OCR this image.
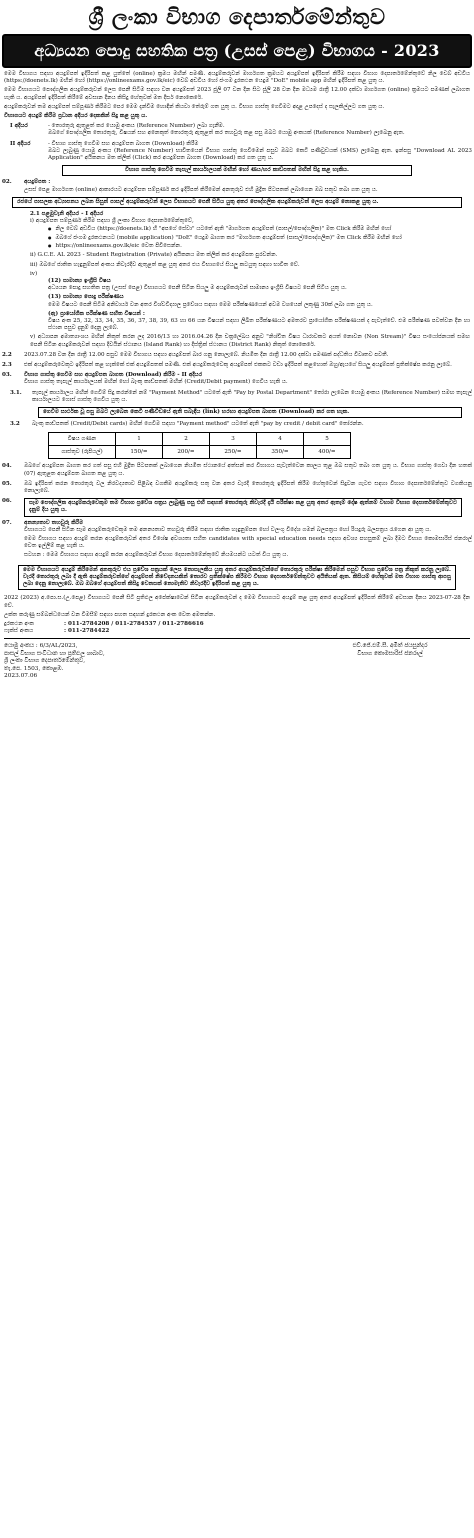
ශ්‍රී ලංකා විභාග දෙපාර්තමේන්තුව
අධ්‍යයන පොදු සහතික පත්‍ර (උසස් පෙළ) විභාගය - 2023
මෙම විභාගය සඳහා අයදුම්පත් ඉදිරිපත් කළ යුත්තේ (online) ක්‍රමය මඟින් පමණි. අයදුම්කරුවන් මාර්ගගත ක්‍රමයට අයදුම්පත් ඉදිරිපත් කිරීම සඳහා විභාග දෙපාර්තමේන්තුවේ නිල වෙබ් අඩවිය (https://doenets.lk) මඟින් හෝ (https://onlineexams.gov.lk/eic) වෙබ් අඩවිය හෝ ජංගම දුරකථන යෙදුම "DoE" mobile app මඟින් ඉදිරිපත් කළ යුතු ය.
මෙම විභාගයට පෞද්ගලික අයදුම්කරුවන් ලෙස පෙනී සිටීම සඳහා වන අයදුම්පත් 2023 ජූලි 07 වන දින සිට ජූලි 28 වන දින මධ්‍යම රාත්‍රී 12.00 දක්වා මාර්ගගත (online) ක්‍රමයට පමණක් ලබාගත හැකි ය. අයදුම්පත් ඉදිරිපත් කිරීමේ අවසාන දිනය කිසිදු හේතුවක් මත දීර්ඝ නොකෙරේ.
අයදුම්කරුවන් තම අයදුම්පත් සම්පූර්ණ කිරීමට පෙර මෙම දැන්වීම හොඳින් කියවා තේරුම් ගත යුතු ය. විභාග ගාස්තු ගෙවීමට අදාළ උපදෙස් ද සැලකිල්ලට ගත යුතු ය.
විභාගයට අයදුම් කිරීම ප්‍රධාන අදියර දෙකකින් සිදු කළ යුතු ය.
I අදියර	- තොරතුරු ඇතුළත් කර යොමු අංකය (Reference Number) ලබා ගැනීම.
ඔබගේ පෞද්ගලික තොරතුරු, විෂයන් සහ අනෙකුත් තොරතුරු ඇතුළත් කර තහවුරු කළ පසු ඔබට යොමු අංකයක් (Reference Number) ලැබෙනු ඇත.
II අදියර	- විභාග ගාස්තු ගෙවීම සහ අයදුම්පත බාගත (Download) කිරීම
ඔබට ලැබුණු යොමු අංකය (Reference Number) භාවිතයෙන් විභාග ගාස්තු ගෙවීමෙන් පසුව ඔබට කෙටි පණිවුඩයක් (SMS) ලැබෙනු ඇත. ඉන්පසු "Download AL 2023 Application" අයිකනය මත ක්ලික් (Click) කර අයදුම්පත බාගත (Download) කර ගත යුතු ය.
විභාග ගාස්තු ගෙවීම තැපැල් කාර්යාලයක් මඟින් හෝ ණය/හර කාඩ්පතක් මඟින් සිදු කළ හැකිය.
02.	අයදුම්පත :
උසස් පෙළ මාර්ගගත (online) ආකාරයට අයදුම්පත සම්පූර්ණ කර ඉදිරිපත් කිරීමෙන් අනතුරුව එහි මුද්‍රිත පිටපතක් ලබාගෙන ඔබ සතුව තබා ගත යුතු ය.
රජයේ පාසලක අධ්‍යාපනය ලබන සිසුන් පාසල් අයදුම්කරුවන් ලෙස විභාගයට පෙනී සිටිය යුතු අතර පෞද්ගලික අයදුම්කරුවන් ලෙස අයදුම් නොකළ යුතු ය.
2.1 පළමුවැනි අදියර - I අදියර
i) අයදුම්පත සම්පූර්ණ කිරීම සඳහා ශ්‍රී ලංකා විභාග දෙපාර්තමේන්තුවේ,
● නිල වෙබ් අඩවිය (https://doenets.lk) හි "අපගේ සේවා" යටතේ ඇති "මාර්ගගත අයදුම්පත් (පාසල්/පෞද්ගලික)" මත Click කිරීම මඟින් හෝ
● ඔබගේ ජංගම දුරකථනයට (mobile application) "DoE" යෙදුම බාගත කර "මාර්ගගත අයදුම්පත් (පාසල්/පෞද්ගලික)" මත Click කිරීම මඟින් හෝ
● https://onlineexams.gov.lk/eic වෙත පිවිසෙන්න.
ii) G.C.E. AL 2023 - Student Registration (Private) අයිකනය මත ක්ලික් කර අයදුම්පත පුරවන්න.
iii) ඔබගේ ජාතික හැඳුනුම්පත් අංකය නිවැරදිව ඇතුළත් කළ යුතු අතර එය විභාගයේ සියලු කටයුතු සඳහා භාවිත වේ.
iv)
(12) සාමාන්‍ය ඉංග්‍රීසි විෂය
අධ්‍යයන පොදු සහතික පත්‍ර (උසස් පෙළ) විභාගයට පෙනී සිටින සියලු ම අයදුම්කරුවන් සාමාන්‍ය ඉංග්‍රීසි විෂයට පෙනී සිටිය යුතු ය.
(13) සාමාන්‍ය පොදු පරීක්ෂණය
මෙම විෂයට පෙනී සිටීම අනිවාර්ය වන අතර විශ්වවිද්‍යාල ප්‍රවේශය සඳහා මෙම පරීක්ෂණයෙන් අවම වශයෙන් ලකුණු 30ක් ලබා ගත යුතු ය.
(ඇ) ප්‍රායෝගික පරීක්ෂණ සහිත විෂයන් :
විෂය අංක 25, 32, 33, 34, 35, 36, 37, 38, 39, 63 හා 66 යන විෂයන් සඳහා ලිඛිත පරීක්ෂණයට අමතරව ප්‍රායෝගික පරීක්ෂණයක් ද පැවැත්වේ. එම පරීක්ෂණ පවත්වන දින හා ස්ථාන පසුව දැනුම් දෙනු ලැබේ.
v) අධ්‍යාපන අමාත්‍යාංශය මඟින් නිකුත් කරන ලද 2016/13 හා 2016.04.26 දින චක්‍රලේඛය අනුව "නිශ්චිත විෂය ධාරාවකට අයත් නොවන (Non Stream)" විෂය සංයෝජනයක් සමඟ පෙනී සිටින අයදුම්කරුවන් සඳහා දිවයින් ස්ථානය (Island Rank) හා දිස්ත්‍රික් ස්ථානය (District Rank) නිකුත් නොකෙරේ.
2.2	2023.07.28 වන දින රාත්‍රී 12.00 පසුව මෙම විභාගය සඳහා අයදුම්පත් බාර ගනු නොලැබේ. නියමිත දින රාත්‍රී 12.00 දක්වා පමණක් පද්ධතිය විවෘතව පවතී.
2.3	එක් අයදුම්කරුවෙකුට ඉදිරිපත් කළ හැක්කේ එක් අයදුම්පතක් පමණි. එක් අයදුම්කරුවෙකු අයදුම්පත් එකකට වඩා ඉදිරිපත් කළහොත් ඔහු/ඇයගේ සියලු අයදුම්පත් ප්‍රතික්ෂේප කරනු ලැබේ.
03.	විභාග ගාස්තු ගෙවීම සහ අයදුම්පත බාගත (Download) කිරීම - II අදියර
විභාග ගාස්තු තැපැල් කාර්යාලයක් මඟින් හෝ බැංකු කාඩ්පතක් මඟින් (Credit/Debit payment) ගෙවිය හැකි ය.
3.1.	තැපැල් කාර්යාලය මඟින් ගෙවීම් සිදු කරන්නේ නම් "Payment Method" යටතේ ඇති "Pay by Postal Department" තෝරා ලැබෙන යොමු අංකය (Reference Number) සමඟ තැපැල් කාර්යාලයට ගොස් ගාස්තු ගෙවිය යුතු ය.
ගෙවීම සාර්ථක වූ පසු ඔබට ලැබෙන කෙටි පණිවිඩයේ ඇති සබැඳිය (link) හරහා අයදුම්පත බාගත (Download) කර ගත හැක.
3.2	බැංකු කාඩ්පතක් (Credit/Debit cards) මඟින් ගෙවීම සඳහා "Payment method" යටතේ ඇති "pay by credit / debit card" තෝරන්න.
විෂය ගණන	1	2	3	4	5
ගාස්තුව (රුපියල්)	150/=	200/=	250/=	350/=	400/=
04.	ඔබගේ අයදුම්පත බාගත කර ගත් පසු එහි මුද්‍රිත පිටපතක් ලබාගෙන නියමිත ස්ථානයේ අත්සන් කර විභාගය පැවැත්වෙන කාලය තුළ ඔබ සතුව තබා ගත යුතු ය. විභාග ගාස්තු ගෙවා දින හතක් (07) ඇතුළත අයදුම්පත බාගත කළ යුතු ය.
05.	ඔබ ඉදිරිපත් කරන තොරතුරු වල නිරවද්‍යතාව පිළිබඳ වගකීම අයදුම්කරු සතු වන අතර වැරදි තොරතුරු ඉදිරිපත් කිරීම හේතුවෙන් සිදුවන ගැටළු සඳහා විභාග දෙපාර්තමේන්තුව වගකියනු නොලැබේ.
06.	සෑම පෞද්ගලික අයදුම්කරුවෙකුම තම විභාග ප්‍රවේශ පත්‍රය ලැබුණු පසු එහි සඳහන් තොරතුරු නිවැරදි දැයි පරීක්ෂා කළ යුතු අතර ඇතැම් දෝෂ ඇත්නම් වහාම විභාග දෙපාර්තමේන්තුවට දැනුම් දිය යුතු ය.
07.	අනන්‍යතාව තහවුරු කිරීම
විභාගයට පෙනී සිටින සෑම අයදුම්කරුවෙකුම තම අනන්‍යතාව තහවුරු කිරීම සඳහා ජාතික හැඳුනුම්පත හෝ වලංගු විදේශ ගමන් බලපත්‍රය හෝ රියදුරු බලපත්‍රය රැගෙන ආ යුතු ය.
මෙම විභාගය සඳහා අයදුම් කරන අයදුම්කරුවන් අතර විශේෂ අවශ්‍යතා සහිත candidates with special education needs සඳහා අවශ්‍ය පහසුකම් ලබා දීමට විභාග කොමසාරිස් ජනරාල් වෙත ඉල්ලීම් කළ හැකි ය.
සටහන : මෙම විභාගය සඳහා අයදුම් කරන අයදුම්කරුවන් විභාග දෙපාර්තමේන්තුවේ නියමයන්ට යටත් විය යුතු ය.
මෙම විභාගයට අයදුම් කිරීමෙන් අනතුරුව එය ප්‍රවේශ පත්‍රයක් ලෙස නොසැලකිය යුතු අතර අයදුම්කරුවන්ගේ තොරතුරු පරීක්ෂා කිරීමෙන් පසුව විභාග ප්‍රවේශ පත්‍ර නිකුත් කරනු ලැබේ. වැරදි තොරතුරු ලබා දී ඇති අයදුම්කරුවන්ගේ අයදුම්පත් නිවේදනයකින් තොරව ප්‍රතික්ෂේප කිරීමට විභාග දෙපාර්තමේන්තුවට අයිතියක් ඇත. කිසියම් හේතුවක් මත විභාග ගාස්තු ආපසු ලබා දෙනු නොලැබේ. ඔබ ඔබගේ අයදුම්පත් කිසිදු වෙනසක් නොමැතිව නිවැරදිව ඉදිරිපත් කළ යුතු ය.
2022 (2023) අ.පො.ස.(උ.පෙළ) විභාගයට පෙනී සිටි ප්‍රතිඵල අපේක්ෂාවෙන් සිටින අයදුම්කරුවන් ද මෙම විභාගයට අයදුම් කළ යුතු අතර අයදුම්පත් ඉදිරිපත් කිරීමේ අවසාන දිනය 2023-07-28 දින වේ.
උක්ත කරුණු සම්බන්ධයෙන් වන විමසීම් සඳහා පහත සඳහන් දුරකථන අංක වෙත අමතන්න.
දුරකථන අංක	: 011-2784208 / 011-2784537 / 011-2786616
ෆැක්ස් අංකය	: 011-2784422
යොමු අංකය : 6/3/AL/2023,
පාසල් විභාග සංවිධාන හා ප්‍රතිඵල ශාඛාව,
ශ්‍රී ලංකා විභාග දෙපාර්තමේන්තුව,
තැ.පෙ. 1503, කොළඹ.
2023.07.06
එච්.ජේ.එම්.සී. අමිත් ජයසුන්දර
විභාග කොමසාරිස් ජනරාල්
